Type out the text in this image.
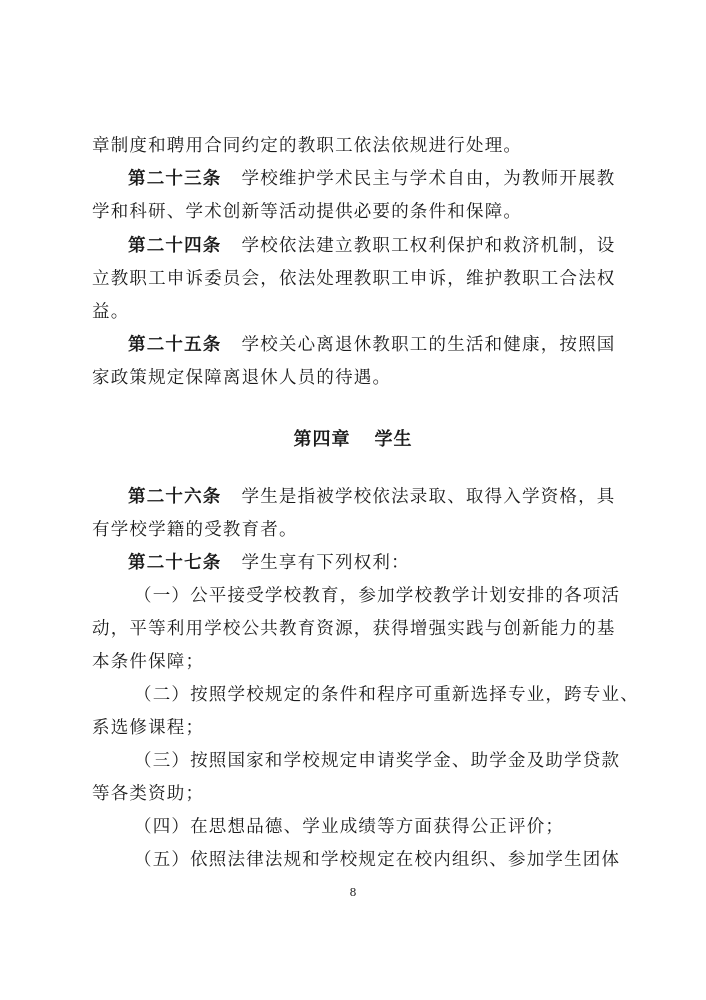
章制度和聘用合同约定的教职工依法依规进行处理。

第二十三条 学校维护学术民主与学术自由，为教师开展教

学和科研、学术创新等活动提供必要的条件和保障。

第二十四条 学校依法建立教职工权利保护和救济机制，设

立教职工申诉委员会，依法处理教职工申诉，维护教职工合法权

益。

第二十五条 学校关心离退休教职工的生活和健康，按照国

家政策规定保障离退休人员的待遇。

第四章 学生

第二十六条 学生是指被学校依法录取、取得入学资格，具

有学校学籍的受教育者。

第二十七条 学生享有下列权利：

（一）公平接受学校教育，参加学校教学计划安排的各项活

动，平等利用学校公共教育资源，获得增强实践与创新能力的基

本条件保障；

（二）按照学校规定的条件和程序可重新选择专业，跨专业、

系选修课程；

（三）按照国家和学校规定申请奖学金、助学金及助学贷款

等各类资助；

（四）在思想品德、学业成绩等方面获得公正评价；

（五）依照法律法规和学校规定在校内组织、参加学生团体

8
